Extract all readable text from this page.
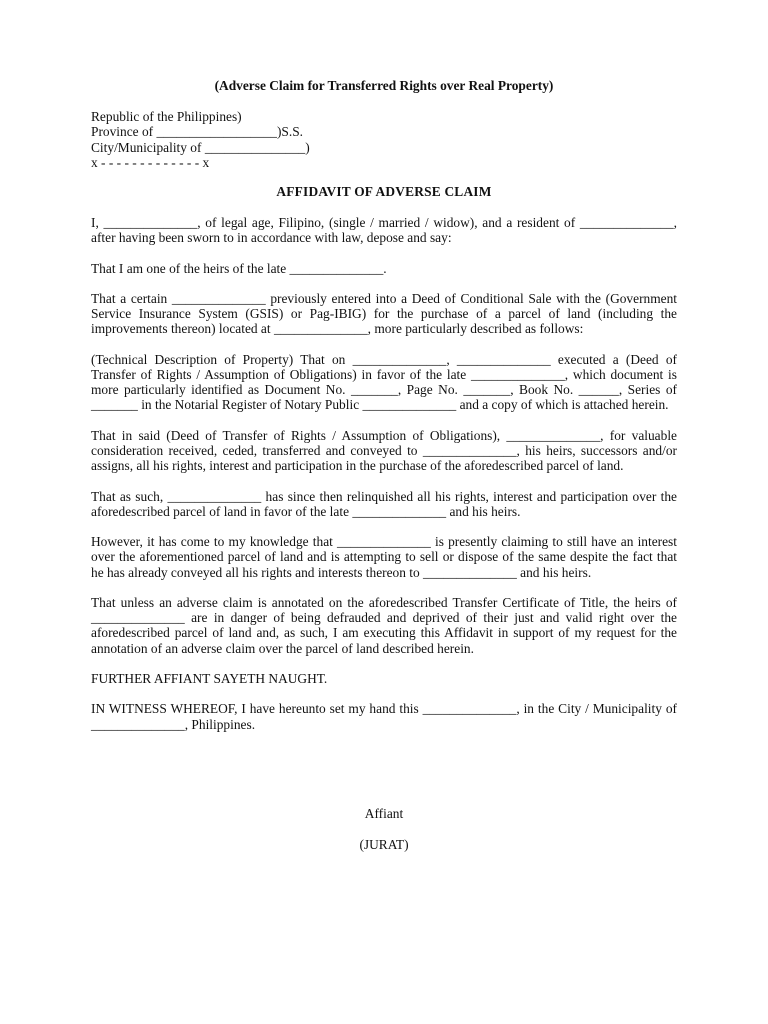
(Adverse Claim for Transferred Rights over Real Property)
Republic of the Philippines)
Province of __________________)S.S.
City/Municipality of _______________)
x - - - - - - - - - - - - - x
AFFIDAVIT OF ADVERSE CLAIM

I, ______________, of legal age, Filipino, (single / married / widow), and a resident of ______________, after having been sworn to in accordance with law, depose and say:

That I am one of the heirs of the late ______________.

That a certain ______________ previously entered into a Deed of Conditional Sale with the (Government Service Insurance System (GSIS) or Pag-IBIG) for the purchase of a parcel of land (including the improvements thereon) located at ______________, more particularly described as follows:

(Technical Description of Property) That on ______________, ______________ executed a (Deed of Transfer of Rights / Assumption of Obligations) in favor of the late ______________, which document is more particularly identified as Document No. _______, Page No. _______, Book No. ______, Series of _______ in the Notarial Register of Notary Public ______________ and a copy of which is attached herein.

That in said (Deed of Transfer of Rights / Assumption of Obligations), ______________, for valuable consideration received, ceded, transferred and conveyed to ______________, his heirs, successors and/or assigns, all his rights, interest and participation in the purchase of the aforedescribed parcel of land.

That as such, ______________ has since then relinquished all his rights, interest and participation over the aforedescribed parcel of land in favor of the late ______________ and his heirs.

However, it has come to my knowledge that ______________ is presently claiming to still have an interest over the aforementioned parcel of land and is attempting to sell or dispose of the same despite the fact that he has already conveyed all his rights and interests thereon to ______________ and his heirs.

That unless an adverse claim is annotated on the aforedescribed Transfer Certificate of Title, the heirs of ______________ are in danger of being defrauded and deprived of their just and valid right over the aforedescribed parcel of land and, as such, I am executing this Affidavit in support of my request for the annotation of an adverse claim over the parcel of land described herein.

FURTHER AFFIANT SAYETH NAUGHT.

IN WITNESS WHEREOF, I have hereunto set my hand this ______________, in the City / Municipality of ______________, Philippines.

Affiant
(JURAT)
